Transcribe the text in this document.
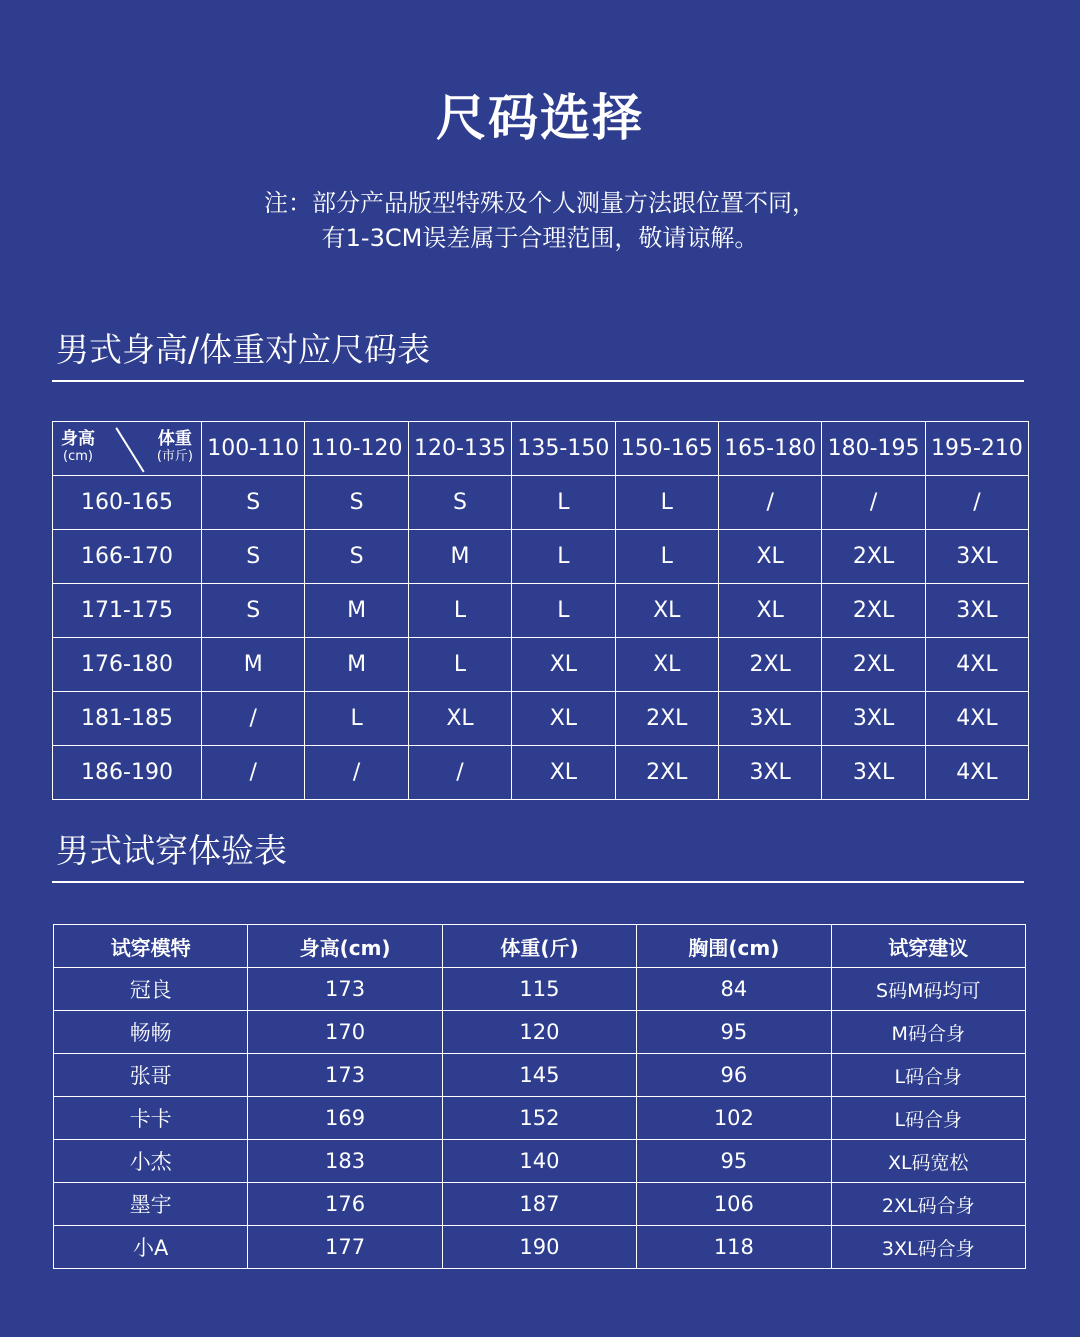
尺码选择
注：部分产品版型特殊及个人测量方法跟位置不同，
有1-3CM误差属于合理范围，敬请谅解。
男式身高/体重对应尺码表
身高
(cm)
体重
(市斤)	100-110	110-120	120-135	135-150	150-165	165-180	180-195	195-210
160-165	S	S	S	L	L	/	/	/
166-170	S	S	M	L	L	XL	2XL	3XL
171-175	S	M	L	L	XL	XL	2XL	3XL
176-180	M	M	L	XL	XL	2XL	2XL	4XL
181-185	/	L	XL	XL	2XL	3XL	3XL	4XL
186-190	/	/	/	XL	2XL	3XL	3XL	4XL
男式试穿体验表
试穿模特	身高(cm)	体重(斤)	胸围(cm)	试穿建议
冠良	173	115	84	S码M码均可
畅畅	170	120	95	M码合身
张哥	173	145	96	L码合身
卡卡	169	152	102	L码合身
小杰	183	140	95	XL码宽松
墨宇	176	187	106	2XL码合身
小A	177	190	118	3XL码合身
